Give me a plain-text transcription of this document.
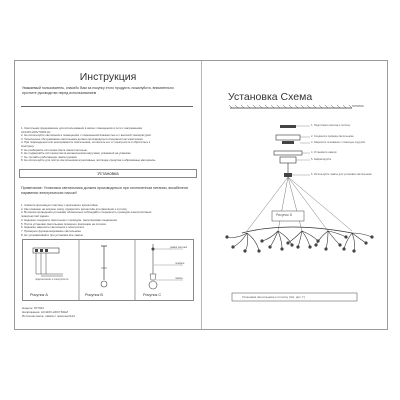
Инструкция
Уважаемый пользователь, спасибо Вам за покупку этого продукта, пожалуйста, внимательно прочтите руководство перед использованием
1. Светильник предназначен для использования в жилых помещениях в сети с напряжением
AC110V-220V 50/60 Hz
2. Не используйте светильник в помещениях с повышенной влажностью и с высокой температурой.
3. Техническое обслуживание светильника должно производиться специалистом электриком.
4. При повреждении или неисправности светильника, отключите его от электросети и обратитесь к
электрику.
5. Не разбирайте источники света самостоятельно.
6. Не подвергайте источники света механическим нагрузкам, указанной на упаковке.
7. Не трогайте работающие лампы руками.
8. Не используйте для чистки светильников агрессивные чистящие средства и абразивные материалы.
Установка
Примечание: Установка светильника должна производиться при отключенном питании, вскабелени парквении электрических пассаг!!
1. Снимите крепежную пластину с крепежного кронштейна.
2. Как показано на рисунке снизу, прикрепите кронштейн для фиксации к потолку.
3. Во время проведения установки обязательно соблюдайте сохранность проводов электропитания
поверхностей здания.
4. Надежно соедините светильник с проводом, заизолировав соединения.
5. После установки светильника проверьте фиксацию на потолке.
6. Надежно закрепите светильник и электросети.
7. Проверьте функционирование светильника.
8. Не устанавливайте при установке все лампы.
подключение к электросети
рамки монтаж
плафон
лампа
Рисунок A	Рисунок B	Рисунок C
модель: 977021
Напряжение: AC110V-240V 50HZ
Источник света: лампа с цоколем E14
Установка Схема
потолок
1. Подготовьте монтаж к потолку
2. Соедините провода светильника
3. Закрепите основание с помощью шурупов
4. Установите наверх
5. Зафиксируйте
6. Используйте лампы для установки светильника
Рисунок D
Установка светильника к потолку (См. рис. Г)
